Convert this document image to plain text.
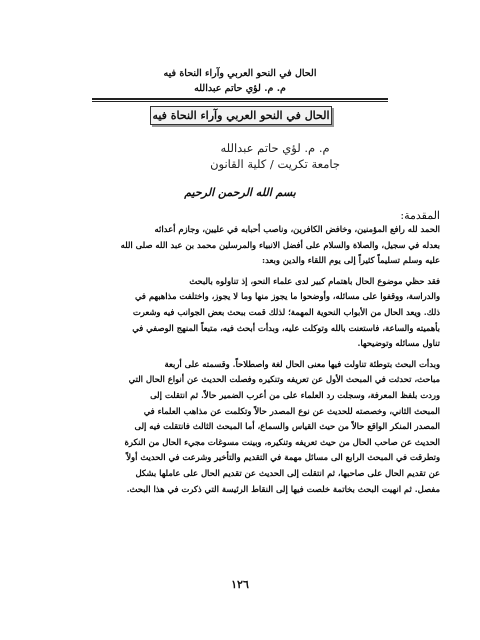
الحال في النحو العربي وآراء النحاة فيه
م. م. لؤي حاتم عبدالله
الحال في النحو العربي وآراء النحاة فيه
م. م. لؤي حاتم عبدالله
جامعة تكريت / كلية القانون
بسم الله الرحمن الرحيم
المقدمة:

الحمد لله رافع المؤمنين، وخافض الكافرين، وناصب أحبابه في عليين، وجازم أعدائه
بعدله في سجيل، والصلاة والسلام على أفضل الانبياء والمرسلين محمد بن عبد الله صلى الله
عليه وسلم تسليماً كثيراً إلى يوم اللقاء والدين وبعد:

فقد حظي موضوع الحال باهتمام كبير لدى علماء النحو، إذ تناولوه بالبحث
والدراسة، ووقفوا على مسائله، وأوضحوا ما يجوز منها وما لا يجوز، واختلفت مذاهبهم في
ذلك. ويعد الحال من الأبواب النحوية المهمة؛ لذلك قمت ببحث بعض الجوانب فيه وشعرت
بأهميته والساعة، فاستعنت بالله وتوكلت عليه، وبدأت أبحث فيه، متبعاً المنهج الوصفي في
تناول مسائله وتوضيحها.

وبدأت البحث بتوطئة تناولت فيها معنى الحال لغة واصطلاحاً. وقسمته على أربعة
مباحث، تحدثت في المبحث الأول عن تعريفه وتنكيره وفصلت الحديث عن أنواع الحال التي
وردت بلفظ المعرفة، وسجلت رد العلماء على من أعرب الضمير حالاً. ثم انتقلت إلى
المبحث الثاني، وخصصته للحديث عن نوع المصدر حالاً وتكلمت عن مذاهب العلماء في
المصدر المنكر الواقع حالاً من حيث القياس والسماع، أما المبحث الثالث فانتقلت فيه إلى
الحديث عن صاحب الحال من حيث تعريفه وتنكيره، وبينت مسوغات مجيء الحال من النكرة
وتطرقت في المبحث الرابع الى مسائل مهمة في التقديم والتأخير وشرعت في الحديث أولاً
عن تقديم الحال على صاحبها، ثم انتقلت إلى الحديث عن تقديم الحال على عاملها بشكل
مفصل. ثم انهيت البحث بخاتمة خلصت فيها إلى النقاط الرئيسة التي ذكرت في هذا البحث.

١٢٦
